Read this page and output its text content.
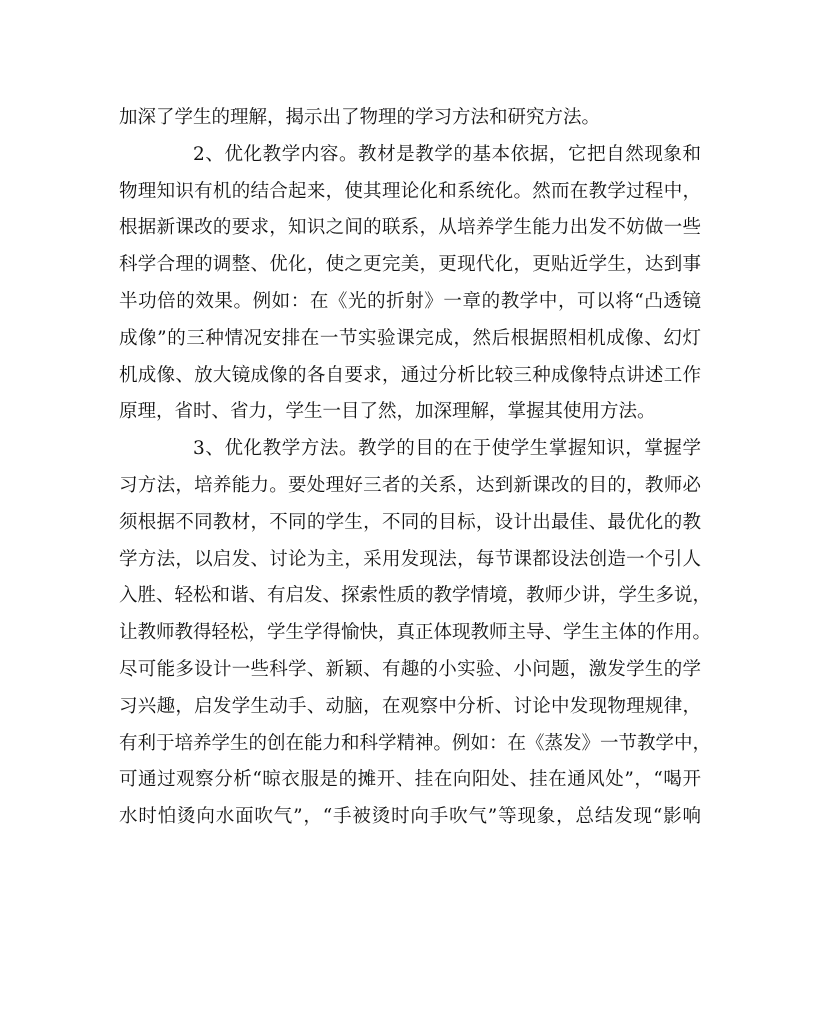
加深了学生的理解，揭示出了物理的学习方法和研究方法。
2、优化教学内容。教材是教学的基本依据，它把自然现象和
物理知识有机的结合起来，使其理论化和系统化。然而在教学过程中，
根据新课改的要求，知识之间的联系，从培养学生能力出发不妨做一些
科学合理的调整、优化，使之更完美，更现代化，更贴近学生，达到事
半功倍的效果。例如：在《光的折射》一章的教学中，可以将“凸透镜
成像”的三种情况安排在一节实验课完成，然后根据照相机成像、幻灯
机成像、放大镜成像的各自要求，通过分析比较三种成像特点讲述工作
原理，省时、省力，学生一目了然，加深理解，掌握其使用方法。
3、优化教学方法。教学的目的在于使学生掌握知识，掌握学
习方法，培养能力。要处理好三者的关系，达到新课改的目的，教师必
须根据不同教材，不同的学生，不同的目标，设计出最佳、最优化的教
学方法，以启发、讨论为主，采用发现法，每节课都设法创造一个引人
入胜、轻松和谐、有启发、探索性质的教学情境，教师少讲，学生多说，
让教师教得轻松，学生学得愉快，真正体现教师主导、学生主体的作用。
尽可能多设计一些科学、新颖、有趣的小实验、小问题，激发学生的学
习兴趣，启发学生动手、动脑，在观察中分析、讨论中发现物理规律，
有利于培养学生的创在能力和科学精神。例如：在《蒸发》一节教学中，
可通过观察分析“晾衣服是的摊开、挂在向阳处、挂在通风处”，“喝开
水时怕烫向水面吹气”，“手被烫时向手吹气”等现象，总结发现“影响
